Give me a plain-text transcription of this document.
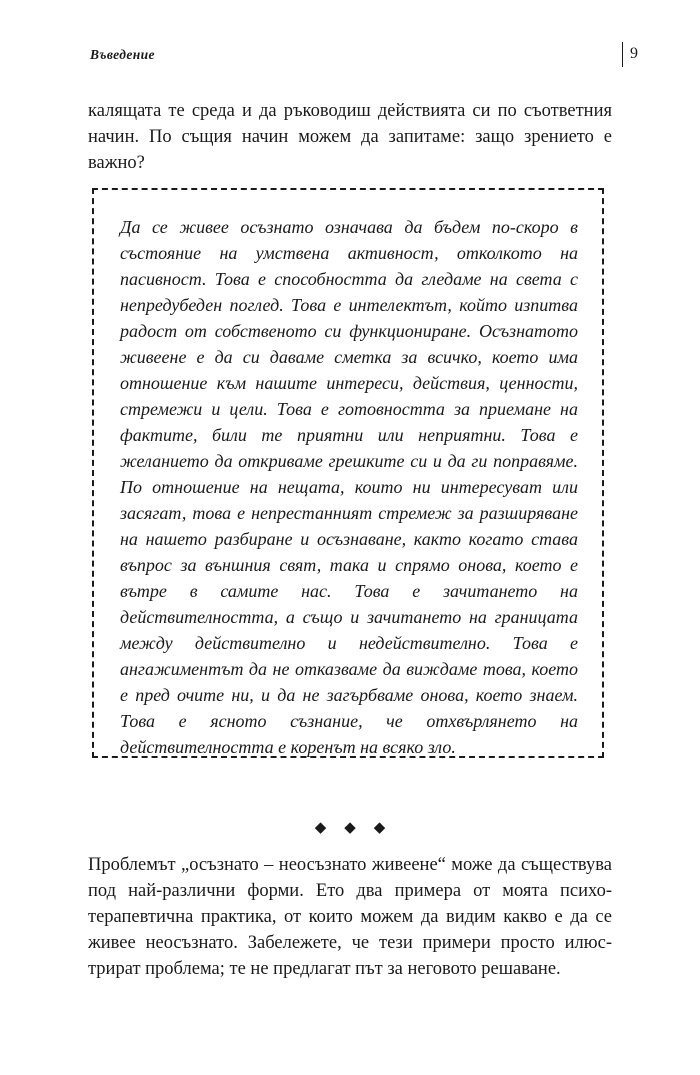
Въведение	9

калящата те среда и да ръководиш действията си по съответния начин. По същия начин можем да запитаме: защо зрението е важно?

Да се живее осъзнато означава да бъдем по-скоро в състояние на умствена активност, отколкото на пасивност. Това е способността да гледаме на света с непредубеден поглед. Това е интелектът, който изпитва радост от собственото си функциониране. Осъзнатото живеене е да си даваме сметка за всичко, което има отношение към нашите интереси, действия, ценности, стремежи и цели. Това е готовността за приемане на фактите, били те приятни или неприятни. Това е желанието да откриваме грешките си и да ги поправяме. По отношение на нещата, които ни интересуват или засягат, това е непрестанният стремеж за разширяване на нашето разбиране и осъзнаване, както когато става въпрос за външния свят, така и спрямо онова, което е вътре в самите нас. Това е зачитането на действителността, а също и зачитането на границата между действително и недействително. Това е ангажиментът да не отказваме да виждаме това, което е пред очите ни, и да не загърбваме онова, което знаем. Това е ясното съзнание, че отхвърлянето на действителността е коренът на всяко зло.

◆◆◆

Проблемът „осъзнато – неосъзнато живеене“ може да съществува под най-различни форми. Ето два примера от моята психотерапевтична практика, от които можем да видим какво е да се живее неосъзнато. Забележете, че тези примери просто илюстрират проблема; те не предлагат път за неговото решаване.
